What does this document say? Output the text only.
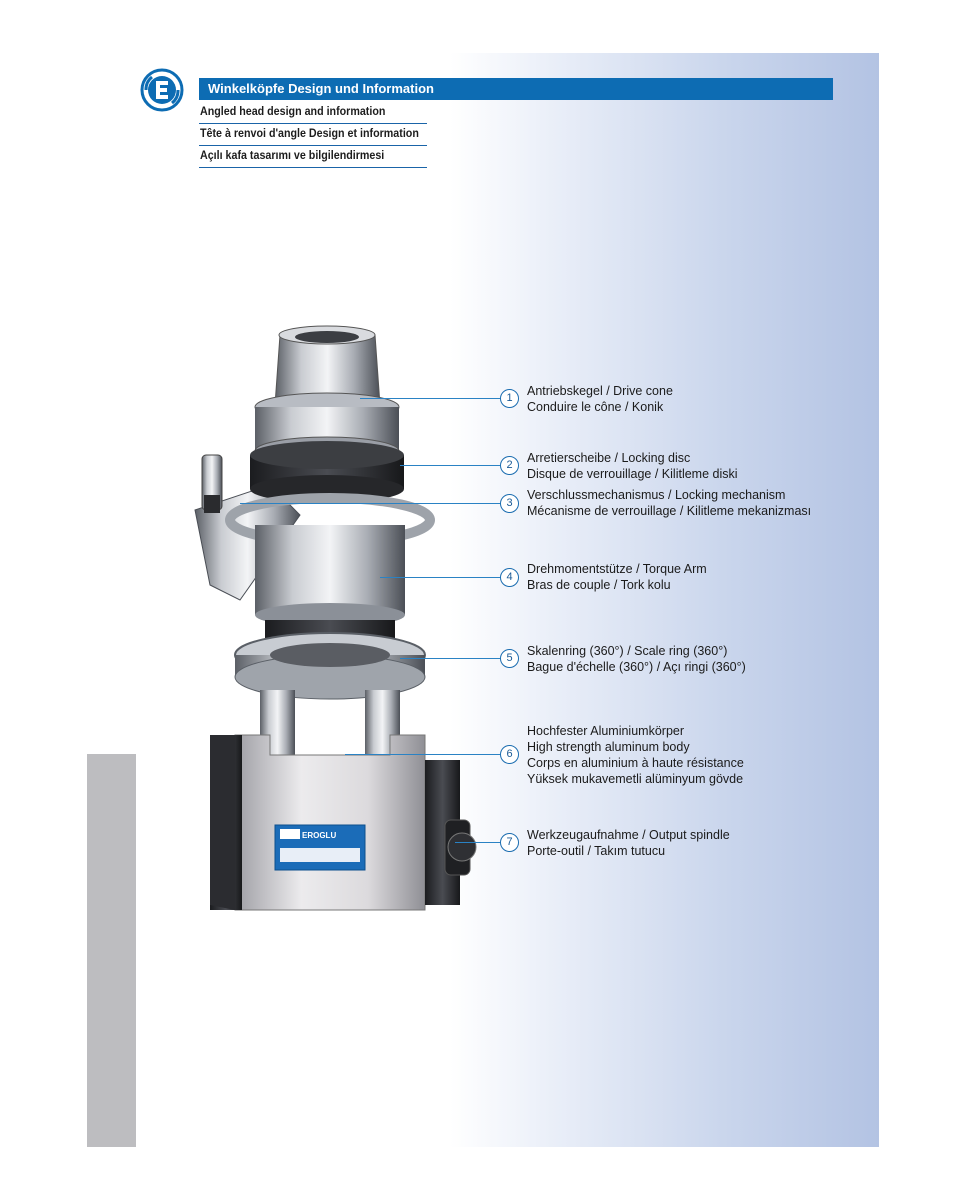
Winkelköpfe Design und Information
Angled head design and information
Tête à renvoi d'angle Design et information
Açılı kafa tasarımı ve bilgilendirmesi
EROGLU
1
2
3
4
5
6
7
Antriebskegel / Drive cone
Conduire le cône / Konik
Arretierscheibe / Locking disc
Disque de verrouillage / Kilitleme diski
Verschlussmechanismus / Locking mechanism
Mécanisme de verrouillage / Kilitleme mekanizması
Drehmomentstütze / Torque Arm
Bras de couple / Tork kolu
Skalenring (360°) / Scale ring (360°)
Bague d'échelle (360°) / Açı ringi (360°)
Hochfester Aluminiumkörper
High strength aluminum body
Corps en aluminium à haute résistance
Yüksek mukavemetli alüminyum gövde
Werkzeugaufnahme / Output spindle
Porte-outil / Takım tutucu
